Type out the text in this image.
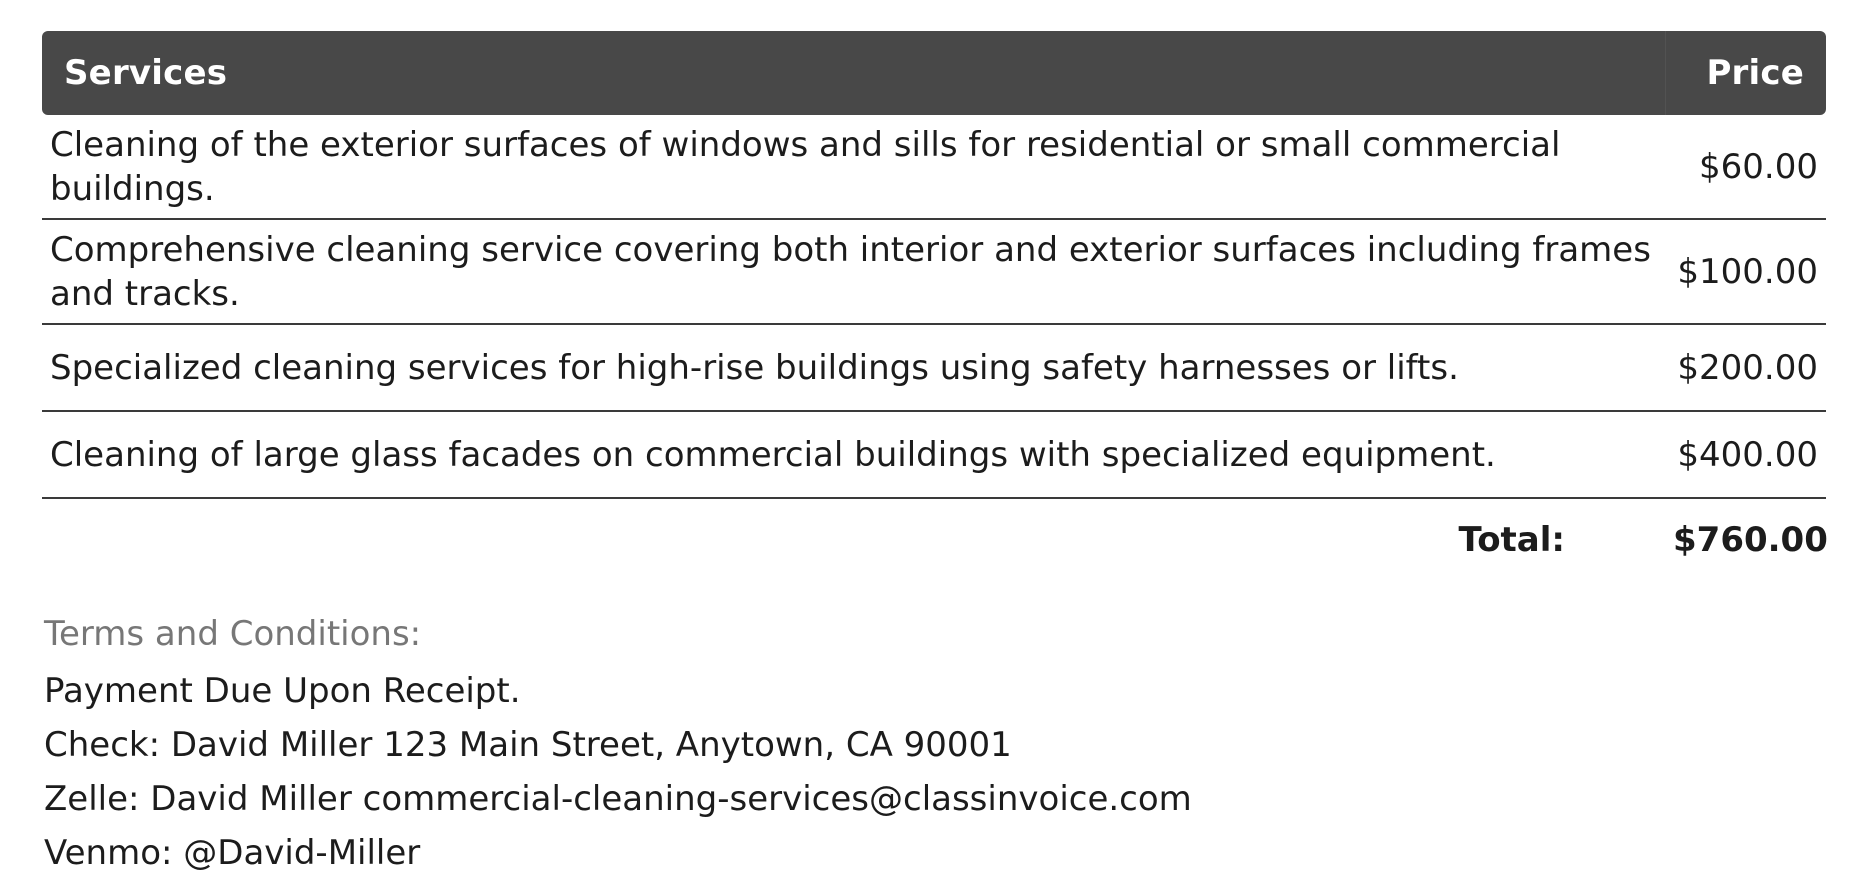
Services	Price
Cleaning of the exterior surfaces of windows and sills for residential or small commercial buildings.	$60.00
Comprehensive cleaning service covering both interior and exterior surfaces including frames and tracks.	$100.00
Specialized cleaning services for high-rise buildings using safety harnesses or lifts.	$200.00
Cleaning of large glass facades on commercial buildings with specialized equipment.	$400.00
Total:	$760.00

Terms and Conditions:

Payment Due Upon Receipt.

Check: David Miller 123 Main Street, Anytown, CA 90001

Zelle: David Miller commercial-cleaning-services@classinvoice.com

Venmo: @David-Miller
